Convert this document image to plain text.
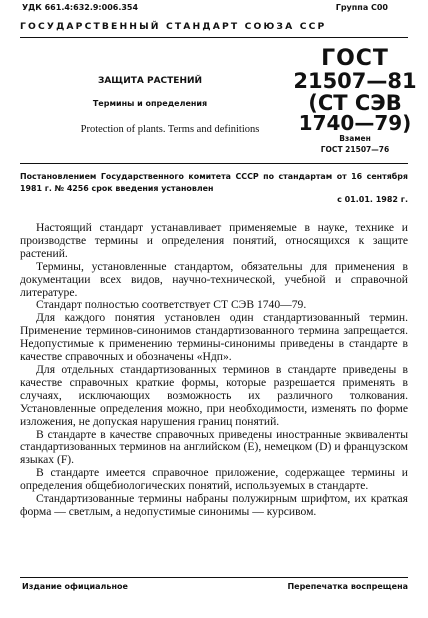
УДК 661.4:632.9:006.354	Группа С00
ГОСУДАРСТВЕННЫЙ СТАНДАРТ СОЮЗА ССР
ЗАЩИТА РАСТЕНИЙ
Термины и определения
Protection of plants. Terms and definitions
ГОСТ
21507—81
(СТ СЭВ
1740—79)
Взамен
ГОСТ 21507—76
Постановлением Государственного комитета СССР по стандартам от 16 сентября 1981 г. № 4256 срок введения установлен
с 01.01. 1982 г.

Настоящий стандарт устанавливает применяемые в науке, технике и производстве термины и определения понятий, относящихся к защите растений.

Термины, установленные стандартом, обязательны для применения в документации всех видов, научно-технической, учебной и справочной литературе.

Стандарт полностью соответствует СТ СЭВ 1740—79.

Для каждого понятия установлен один стандартизованный термин. Применение терминов-синонимов стандартизованного термина запрещается. Недопустимые к применению термины-синонимы приведены в стандарте в качестве справочных и обозначены «Ндп».

Для отдельных стандартизованных терминов в стандарте приведены в качестве справочных краткие формы, которые разрешается применять в случаях, исключающих возможность их различного толкования. Установленные определения можно, при необходимости, изменять по форме изложения, не допуская нарушения границ понятий.

В стандарте в качестве справочных приведены иностранные эквиваленты стандартизованных терминов на английском (E), немецком (D) и французском языках (F).

В стандарте имеется справочное приложение, содержащее термины и определения общебиологических понятий, используемых в стандарте.

Стандартизованные термины набраны полужирным шрифтом, их краткая форма — светлым, а недопустимые синонимы — курсивом.

Издание официальное	Перепечатка воспрещена
